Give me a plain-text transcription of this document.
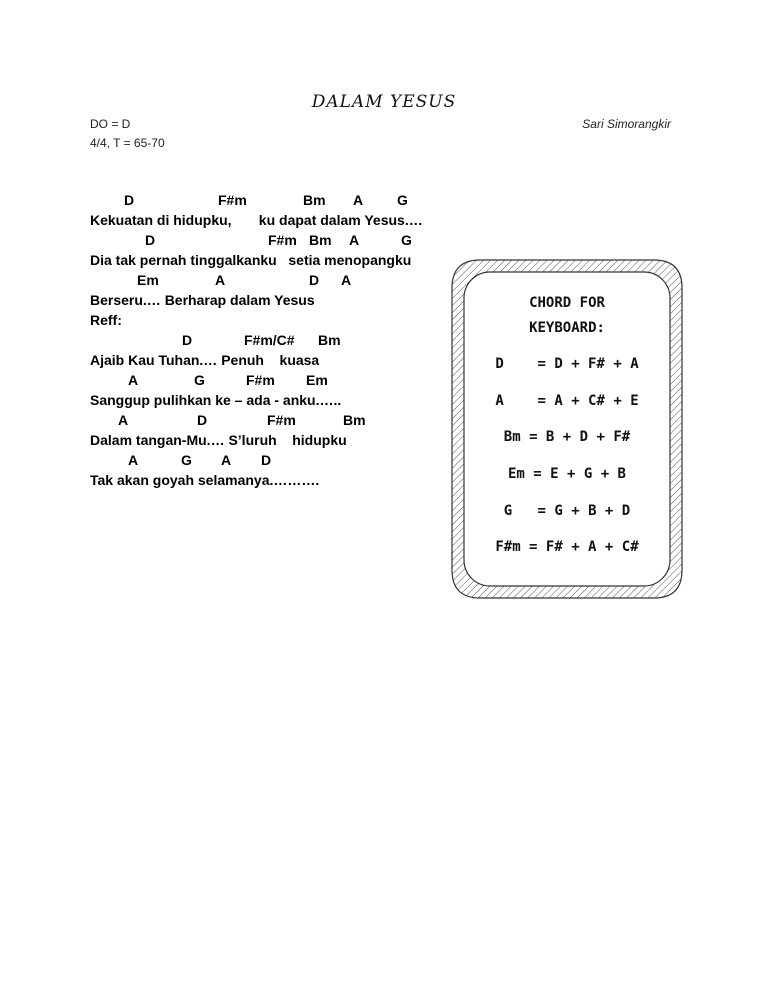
DALAM YESUS
DO = D
4/4, T = 65-70
Sari Simorangkir

D

	F#m

	Bm

A

G

Kekuatan di hidupku,       ku dapat dalam Yesus.…

D

	F#m

Bm

A

	G

Dia tak pernah tinggalkanku   setia menopangku

Em

	A

	D

A

Berseru.… Berharap dalam Yesus
Reff:

D

	F#m/C#

Bm

Ajaib Kau Tuhan.… Penuh    kuasa

A

	G

	F#m

Em

Sanggup pulihkan ke – ada - anku.…..

A

	D

	F#m

	Bm

Dalam tangan-Mu.… S’luruh    hidupku

A

	G

A

D

Tak akan goyah selamanya.……….
CHORD FOR
KEYBOARD:
D    = D + F# + A
A    = A + C# + E
Bm = B + D + F#
Em = E + G + B
G   = G + B + D
F#m = F# + A + C#
